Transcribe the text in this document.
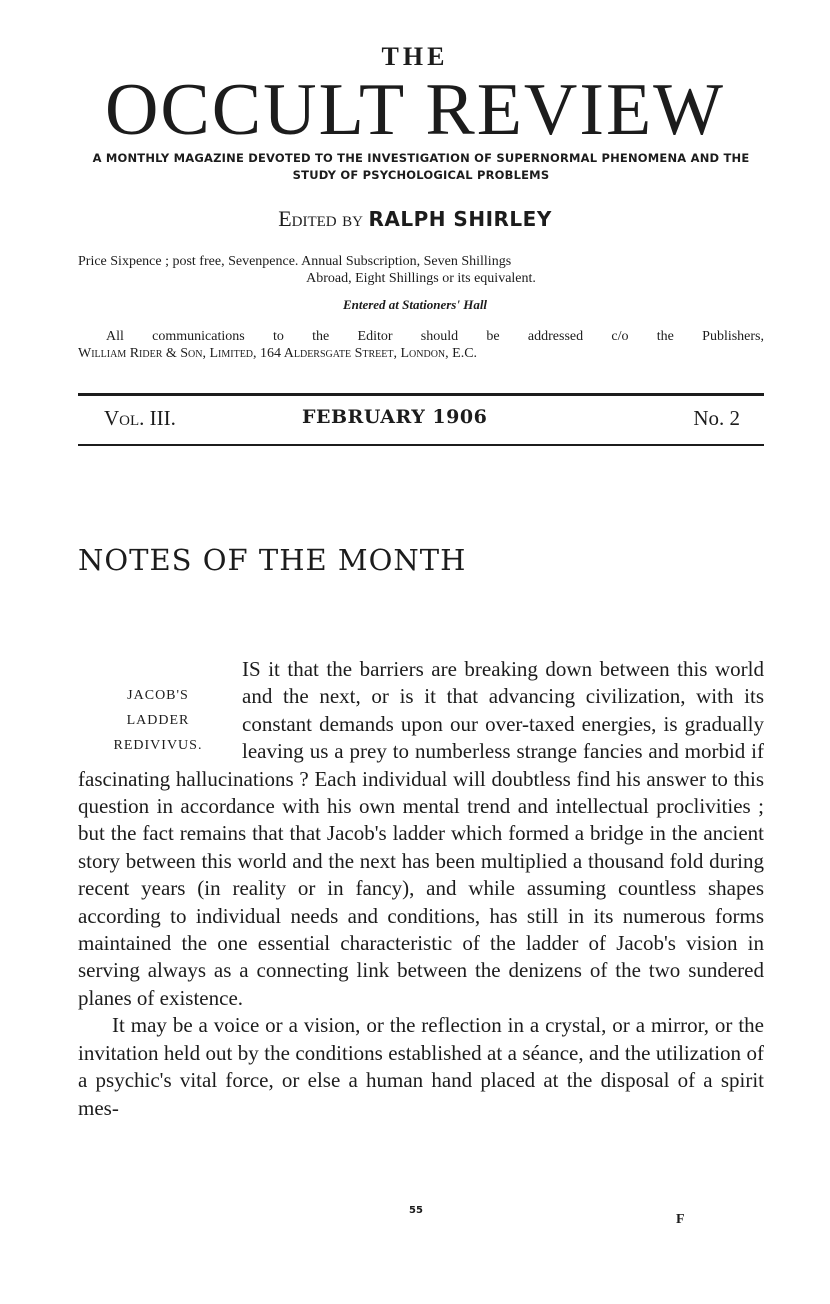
THE
OCCULT REVIEW
A MONTHLY MAGAZINE DEVOTED TO THE INVESTIGATION OF SUPERNORMAL PHENOMENA AND THE STUDY OF PSYCHOLOGICAL PROBLEMS
Edited by RALPH SHIRLEY
Price Sixpence ; post free, Sevenpence. Annual Subscription, Seven Shillings
Abroad, Eight Shillings or its equivalent.
Entered at Stationers' Hall
All communications to the Editor should be addressed c/o the Publishers,
William Rider & Son, Limited, 164 Aldersgate Street, London, E.C.
Vol. III.	FEBRUARY 1906	No. 2
NOTES OF THE MONTH

JACOB'S
LADDER
REDIVIVUS.
IS it that the barriers are breaking down between this world and the next, or is it that advancing civilization, with its constant demands upon our over-taxed energies, is gradually leaving us a prey to numberless strange fancies and morbid if fascinating hallucinations ? Each individual will doubtless find his answer to this question in accordance with his own mental trend and intellectual proclivities ; but the fact remains that that Jacob's ladder which formed a bridge in the ancient story between this world and the next has been multiplied a thousand fold during recent years (in reality or in fancy), and while assuming countless shapes according to individual needs and conditions, has still in its numerous forms maintained the one essential characteristic of the ladder of Jacob's vision in serving always as a connecting link between the denizens of the two sundered planes of existence.

It may be a voice or a vision, or the reflection in a crystal, or a mirror, or the invitation held out by the conditions established at a séance, and the utilization of a psychic's vital force, or else a human hand placed at the disposal of a spirit mes-

55
F
